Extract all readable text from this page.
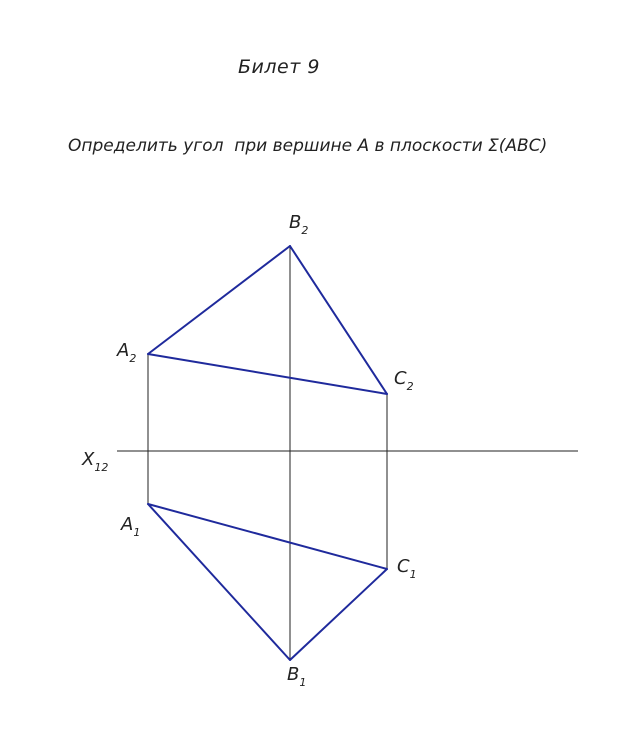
Билет 9
Определить угол  при вершине A в плоскости Σ(ABC)
$B_2$
$A_2$
$C_2$
$X_{12}$
$A_1$
$C_1$
$B_1$
